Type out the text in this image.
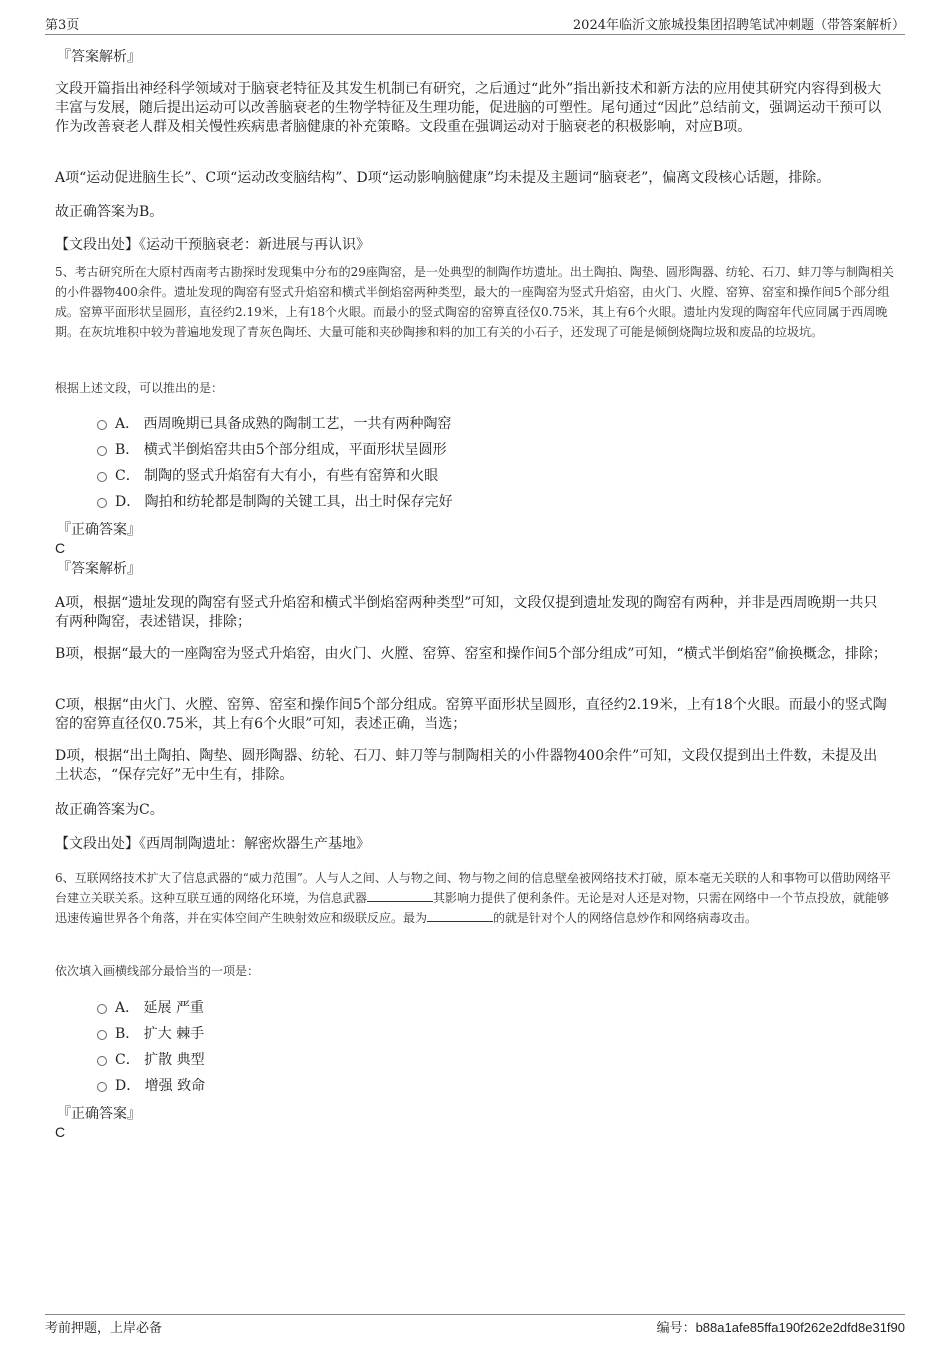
第3页	2024年临沂文旅城投集团招聘笔试冲刺题（带答案解析）
『答案解析』

文段开篇指出神经科学领域对于脑衰老特征及其发生机制已有研究，之后通过“此外”指出新技术和新方法的应用使其研究内容得到极大丰富与发展，随后提出运动可以改善脑衰老的生物学特征及生理功能，促进脑的可塑性。尾句通过“因此”总结前文，强调运动干预可以作为改善衰老人群及相关慢性疾病患者脑健康的补充策略。文段重在强调运动对于脑衰老的积极影响，对应B项。

A项“运动促进脑生长”、C项“运动改变脑结构”、D项“运动影响脑健康”均未提及主题词“脑衰老”，偏离文段核心话题，排除。

故正确答案为B。

【文段出处】《运动干预脑衰老：新进展与再认识》

5、考古研究所在大原村西南考古勘探时发现集中分布的29座陶窑，是一处典型的制陶作坊遗址。出土陶拍、陶垫、圆形陶器、纺轮、石刀、蚌刀等与制陶相关的小件器物400余件。遗址发现的陶窑有竖式升焰窑和横式半倒焰窑两种类型，最大的一座陶窑为竖式升焰窑，由火门、火膛、窑箅、窑室和操作间5个部分组成。窑箅平面形状呈圆形，直径约2.19米，上有18个火眼。而最小的竖式陶窑的窑箅直径仅0.75米，其上有6个火眼。遗址内发现的陶窑年代应同属于西周晚期。在灰坑堆积中较为普遍地发现了青灰色陶坯、大量可能和夹砂陶掺和料的加工有关的小石子，还发现了可能是倾倒烧陶垃圾和废品的垃圾坑。

根据上述文段，可以推出的是：

A． 西周晚期已具备成熟的陶制工艺，一共有两种陶窑
B． 横式半倒焰窑共由5个部分组成，平面形状呈圆形
C． 制陶的竖式升焰窑有大有小，有些有窑箅和火眼
D． 陶拍和纺轮都是制陶的关键工具，出土时保存完好
『正确答案』
C
『答案解析』

A项，根据“遗址发现的陶窑有竖式升焰窑和横式半倒焰窑两种类型”可知，文段仅提到遗址发现的陶窑有两种，并非是西周晚期一共只有两种陶窑，表述错误，排除；

B项，根据“最大的一座陶窑为竖式升焰窑，由火门、火膛、窑箅、窑室和操作间5个部分组成”可知，“横式半倒焰窑”偷换概念，排除；

C项，根据“由火门、火膛、窑箅、窑室和操作间5个部分组成。窑箅平面形状呈圆形，直径约2.19米，上有18个火眼。而最小的竖式陶窑的窑箅直径仅0.75米，其上有6个火眼”可知，表述正确，当选；

D项，根据“出土陶拍、陶垫、圆形陶器、纺轮、石刀、蚌刀等与制陶相关的小件器物400余件”可知，文段仅提到出土件数，未提及出土状态，“保存完好”无中生有，排除。

故正确答案为C。

【文段出处】《西周制陶遗址：解密炊器生产基地》

6、互联网络技术扩大了信息武器的“威力范围”。人与人之间、人与物之间、物与物之间的信息壁垒被网络技术打破，原本毫无关联的人和事物可以借助网络平台建立关联关系。这种互联互通的网络化环境，为信息武器	其影响力提供了便利条件。无论是对人还是对物，只需在网络中一个节点投放，就能够迅速传遍世界各个角落，并在实体空间产生映射效应和级联反应。最为	的就是针对个人的网络信息炒作和网络病毒攻击。

依次填入画横线部分最恰当的一项是：

A． 延展 严重
B． 扩大 棘手
C． 扩散 典型
D． 增强 致命
『正确答案』
C
考前押题，上岸必备	编号：b88a1afe85ffa190f262e2dfd8e31f90
